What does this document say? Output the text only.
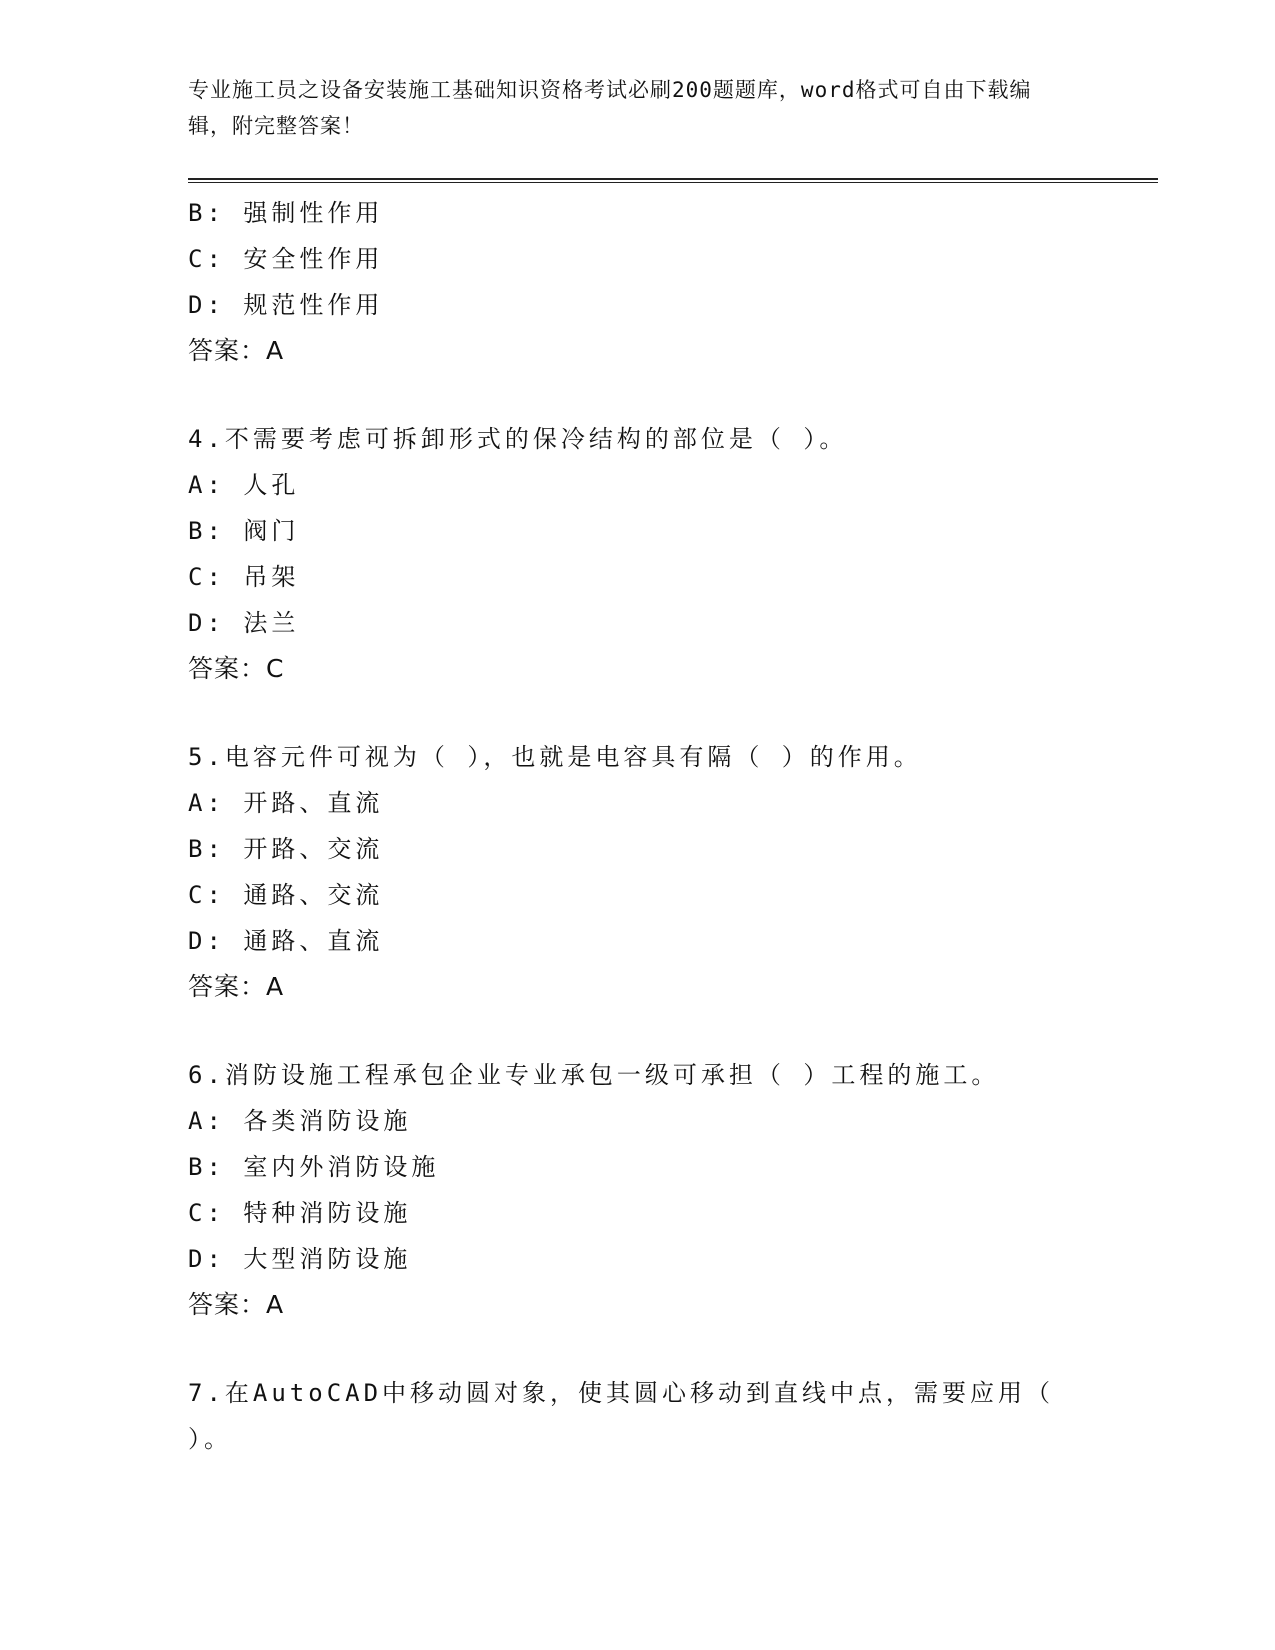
专业施工员之设备安装施工基础知识资格考试必刷200题题库，word格式可自由下载编辑，附完整答案！
B: 强制性作用
C: 安全性作用
D: 规范性作用
答案：A
4.不需要考虑可拆卸形式的保冷结构的部位是（ ）。
A: 人孔
B: 阀门
C: 吊架
D: 法兰
答案：C
5.电容元件可视为（ ），也就是电容具有隔（ ）的作用。
A: 开路、直流
B: 开路、交流
C: 通路、交流
D: 通路、直流
答案：A
6.消防设施工程承包企业专业承包一级可承担（ ）工程的施工。
A: 各类消防设施
B: 室内外消防设施
C: 特种消防设施
D: 大型消防设施
答案：A
7.在AutoCAD中移动圆对象，使其圆心移动到直线中点，需要应用（ ）。
